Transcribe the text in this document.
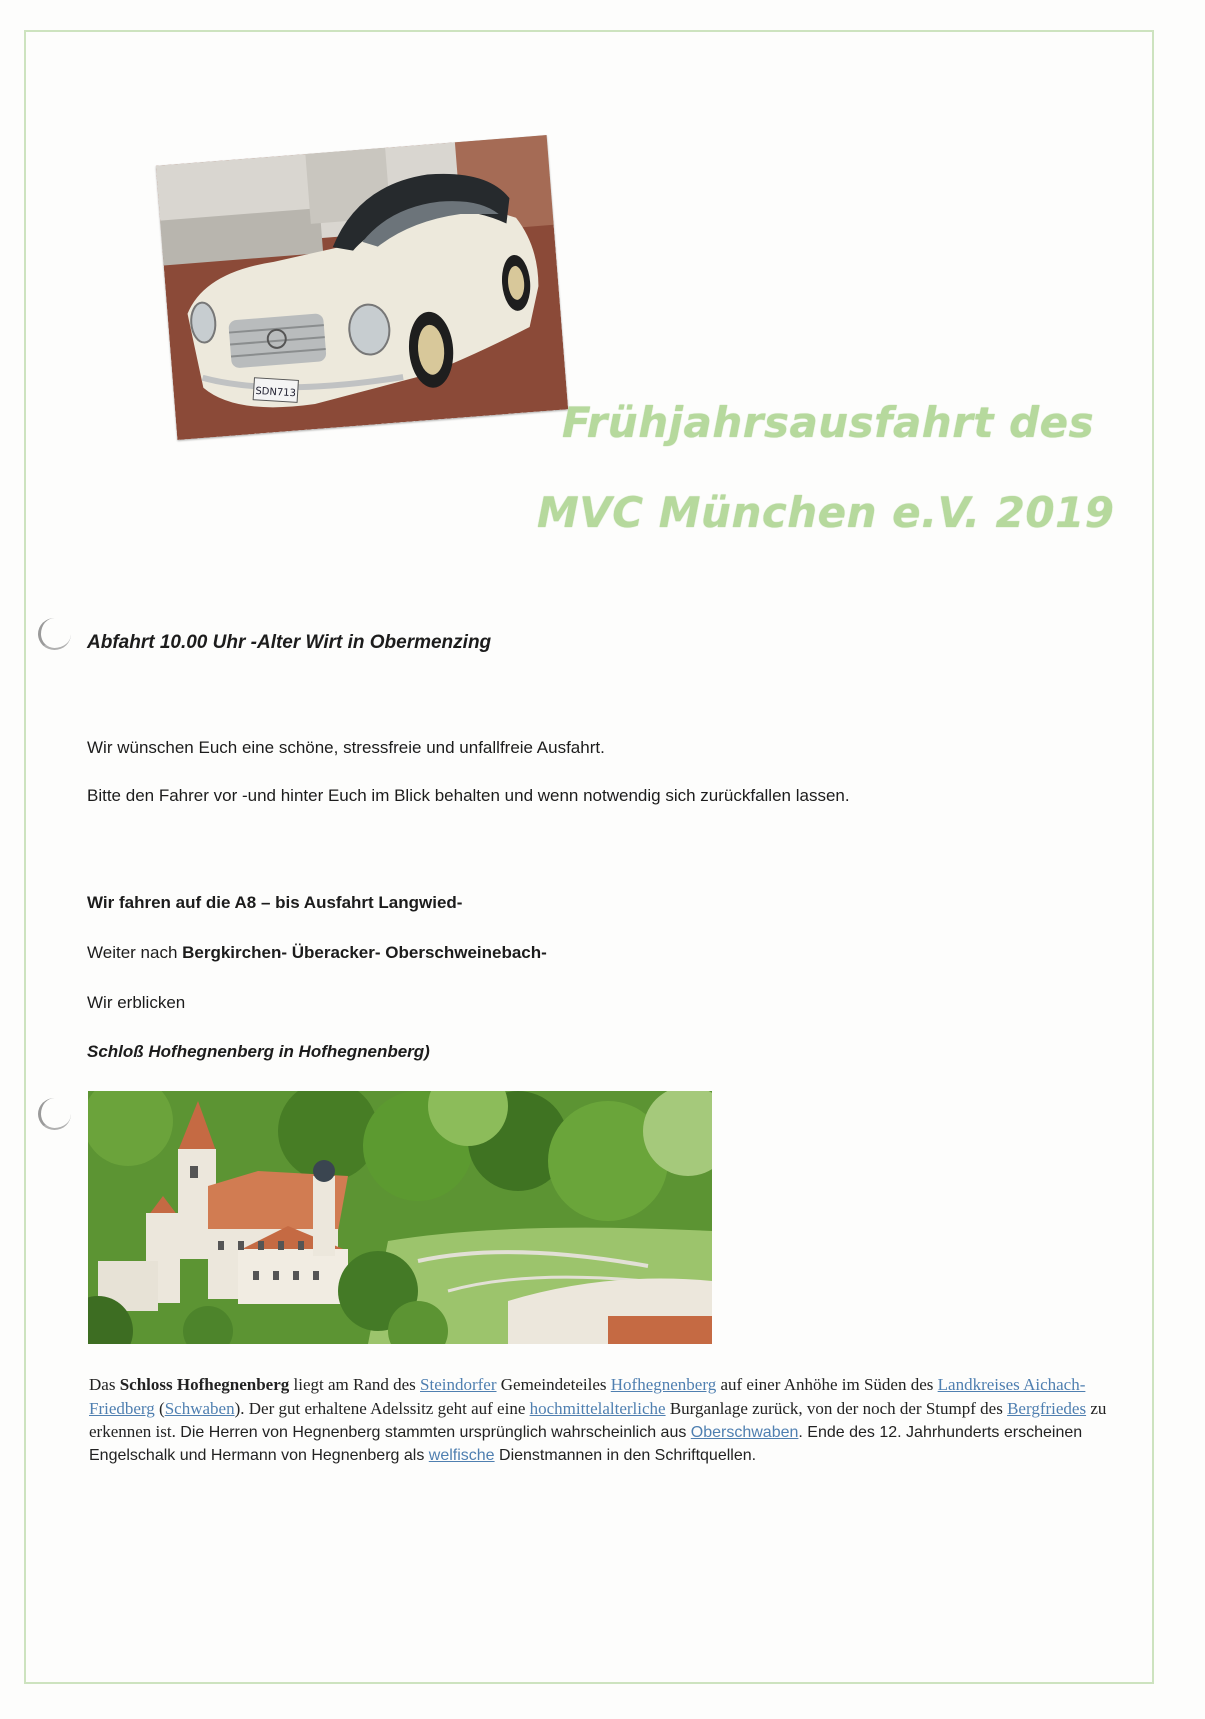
SDN713
Frühjahrsausfahrt des
MVC München e.V. 2019
Abfahrt 10.00 Uhr -Alter Wirt in Obermenzing
Wir wünschen Euch eine schöne, stressfreie und unfallfreie Ausfahrt.
Bitte den Fahrer vor -und hinter Euch im Blick behalten und wenn notwendig sich zurückfallen lassen.
Wir fahren auf die A8 – bis Ausfahrt Langwied-
Weiter nach Bergkirchen- Überacker- Oberschweinebach-
Wir erblicken
Schloß Hofhegnenberg in Hofhegnenberg)
Das Schloss Hofhegnenberg liegt am Rand des Steindorfer Gemeindeteiles Hofhegnenberg auf einer Anhöhe im Süden des Landkreises Aichach-Friedberg (Schwaben). Der gut erhaltene Adelssitz geht auf eine hochmittelalterliche Burganlage zurück, von der noch der Stumpf des Bergfriedes zu erkennen ist. Die Herren von Hegnenberg stammten ursprünglich wahrscheinlich aus Oberschwaben. Ende des 12. Jahrhunderts erscheinen Engelschalk und Hermann von Hegnenberg als welfische Dienstmannen in den Schriftquellen.
